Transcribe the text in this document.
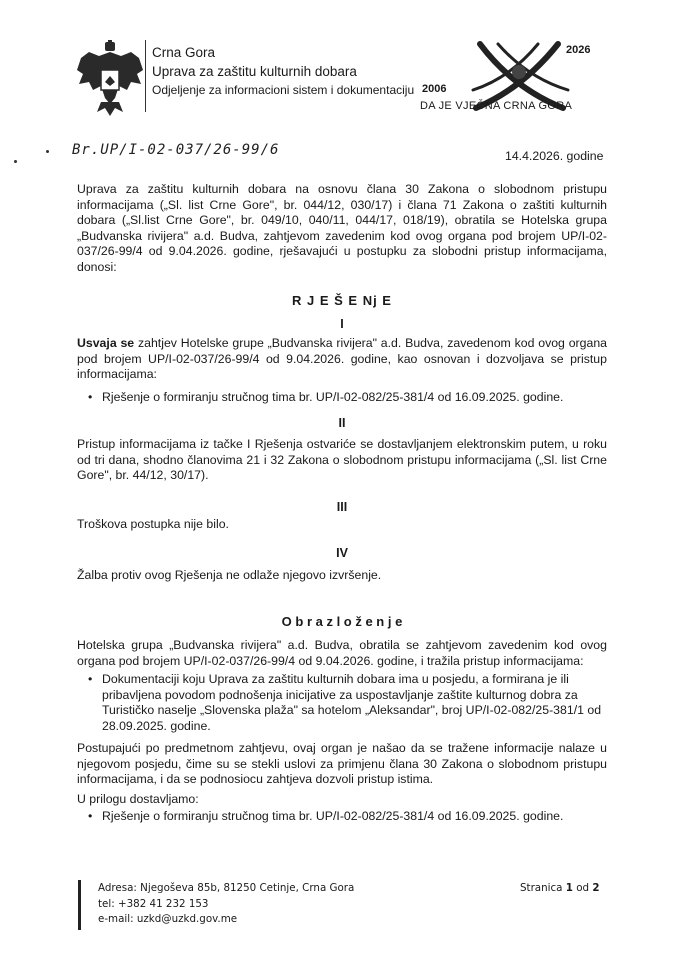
Crna Gora
Uprava za zaštitu kulturnih dobara
Odjeljenje za informacioni sistem i dokumentaciju
2026
2006
DA JE VJEČNA CRNA GORA
Br.UP/I-02-037/26-99/6	14.4.2026. godine
Uprava za zaštitu kulturnih dobara na osnovu člana 30 Zakona o slobodnom pristupu informacijama („Sl. list Crne Gore", br. 044/12, 030/17) i člana 71 Zakona o zaštiti kulturnih dobara („Sl.list Crne Gore", br. 049/10, 040/11, 044/17, 018/19), obratila se Hotelska grupa „Budvanska rivijera" a.d. Budva, zahtjevom zavedenim kod ovog organa pod brojem UP/I-02-037/26-99/4 od 9.04.2026. godine, rješavajući u postupku za slobodni pristup informacijama, donosi:
R J E Š E Nj E
I
Usvaja se zahtjev Hotelske grupe „Budvanska rivijera" a.d. Budva, zavedenom kod ovog organa pod brojem UP/I-02-037/26-99/4 od 9.04.2026. godine, kao osnovan i dozvoljava se pristup informacijama:
• Rješenje o formiranju stručnog tima br. UP/I-02-082/25-381/4 od 16.09.2025. godine.
II
Pristup informacijama iz tačke I Rješenja ostvariće se dostavljanjem elektronskim putem, u roku od tri dana, shodno članovima 21 i 32 Zakona o slobodnom pristupu informacijama („Sl. list Crne Gore", br. 44/12, 30/17).
III
Troškova postupka nije bilo.
IV
Žalba protiv ovog Rješenja ne odlaže njegovo izvršenje.
O b r a z l o ž e n j e
Hotelska grupa „Budvanska rivijera" a.d. Budva, obratila se zahtjevom zavedenim kod ovog organa pod brojem UP/I-02-037/26-99/4 od 9.04.2026. godine, i tražila pristup informacijama:
• Dokumentaciji koju Uprava za zaštitu kulturnih dobara ima u posjedu, a formirana je ili pribavljena povodom podnošenja inicijative za uspostavljanje zaštite kulturnog dobra za Turističko naselje „Slovenska plaža" sa hotelom „Aleksandar", broj UP/I-02-082/25-381/1 od 28.09.2025. godine.
Postupajući po predmetnom zahtjevu, ovaj organ je našao da se tražene informacije nalaze u njegovom posjedu, čime su se stekli uslovi za primjenu člana 30 Zakona o slobodnom pristupu informacijama, i da se podnosiocu zahtjeva dozvoli pristup istima.
U prilogu dostavljamo:
• Rješenje o formiranju stručnog tima br. UP/I-02-082/25-381/4 od 16.09.2025. godine.
Adresa: Njegoševa 85b, 81250 Cetinje, Crna Gora
tel: +382 41 232 153
e-mail: uzkd@uzkd.gov.me
Stranica 1 od 2
